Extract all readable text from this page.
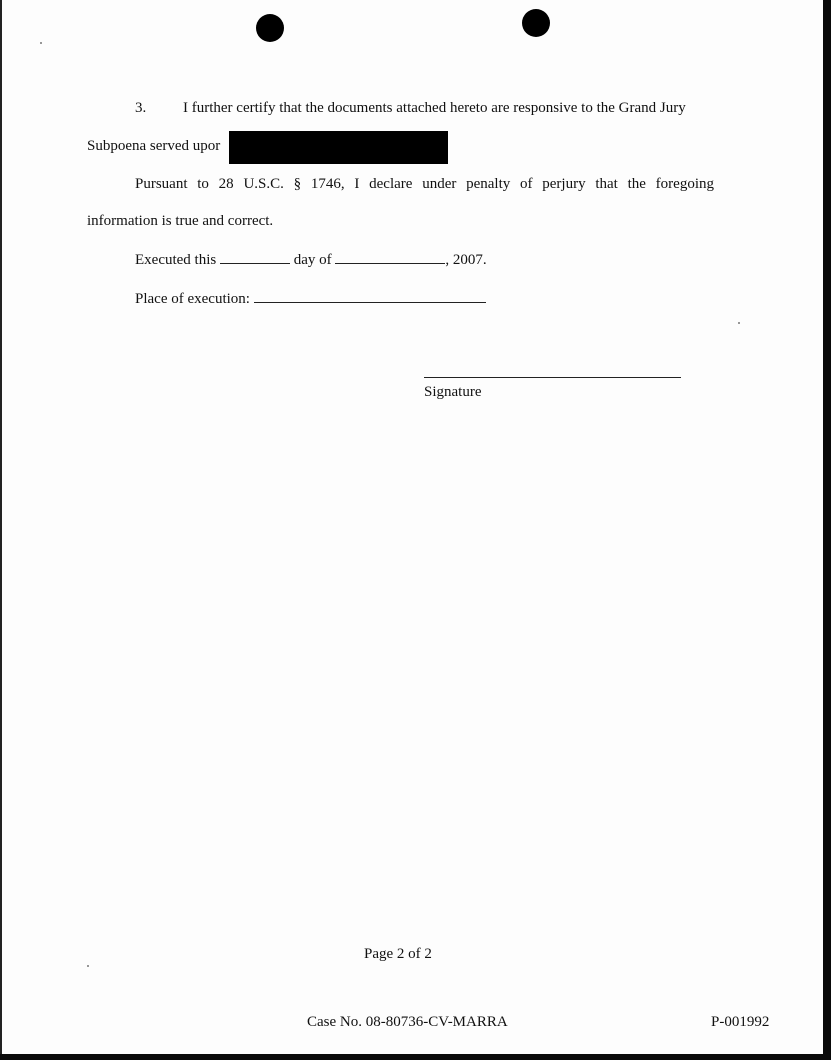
3. I further certify that the documents attached hereto are responsive to the Grand Jury
Subpoena served upor
Pursuant to 28 U.S.C. § 1746, I declare under penalty of perjury that the foregoing
information is true and correct.
Executed this	day of	, 2007.
Place of execution:
Signature
Page 2 of 2
Case No. 08-80736-CV-MARRA	P-001992
